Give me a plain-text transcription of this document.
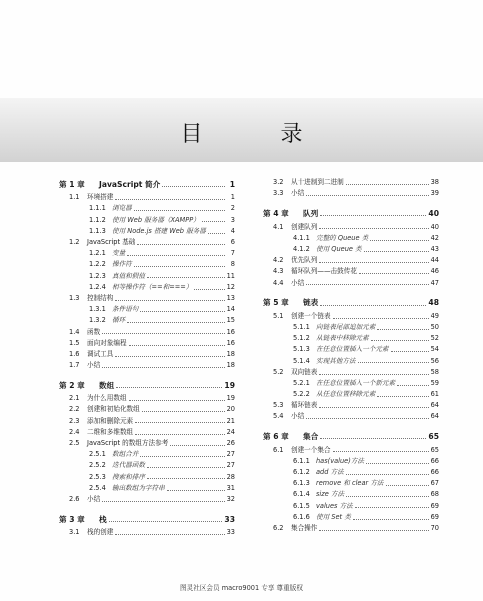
目　录
第 1 章	JavaScript 简介	1
1.1	环境搭建	1
1.1.1 浏览器	2
1.1.2 使用 Web 服务器（XAMPP）	3
1.1.3 使用 Node.js 搭建 Web 服务器	4
1.2	JavaScript 基础	6
1.2.1 变量	7
1.2.2 操作符	8
1.2.3 真值和假值	11
1.2.4 相等操作符（==和===）	12
1.3	控制结构	13
1.3.1 条件语句	14
1.3.2 循环	15
1.4	函数	16
1.5	面向对象编程	16
1.6	调试工具	18
1.7	小结	18
第 2 章	数组	19
2.1	为什么用数组	19
2.2	创建和初始化数组	20
2.3	添加和删除元素	21
2.4	二维和多维数组	24
2.5	JavaScript 的数组方法参考	26
2.5.1 数组合并	27
2.5.2 迭代器函数	27
2.5.3 搜索和排序	28
2.5.4 输出数组为字符串	31
2.6	小结	32
第 3 章	栈	33
3.1	栈的创建	33
3.2	从十进制到二进制	38
3.3	小结	39
第 4 章	队列	40
4.1	创建队列	40
4.1.1 完整的 Queue 类	42
4.1.2 使用 Queue 类	43
4.2	优先队列	44
4.3	循环队列——击鼓传花	46
4.4	小结	47
第 5 章	链表	48
5.1	创建一个链表	49
5.1.1 向链表尾部追加元素	50
5.1.2 从链表中移除元素	52
5.1.3 在任意位置插入一个元素	54
5.1.4 实现其他方法	56
5.2	双向链表	58
5.2.1 在任意位置插入一个新元素	59
5.2.2 从任意位置移除元素	61
5.3	循环链表	64
5.4	小结	64
第 6 章	集合	65
6.1	创建一个集合	65
6.1.1 has(value)方法	66
6.1.2 add 方法	66
6.1.3 remove 和 clear 方法	67
6.1.4 size 方法	68
6.1.5 values 方法	69
6.1.6 使用 Set 类	69
6.2	集合操作	70
图灵社区会员 macro9001 专享 尊重版权
